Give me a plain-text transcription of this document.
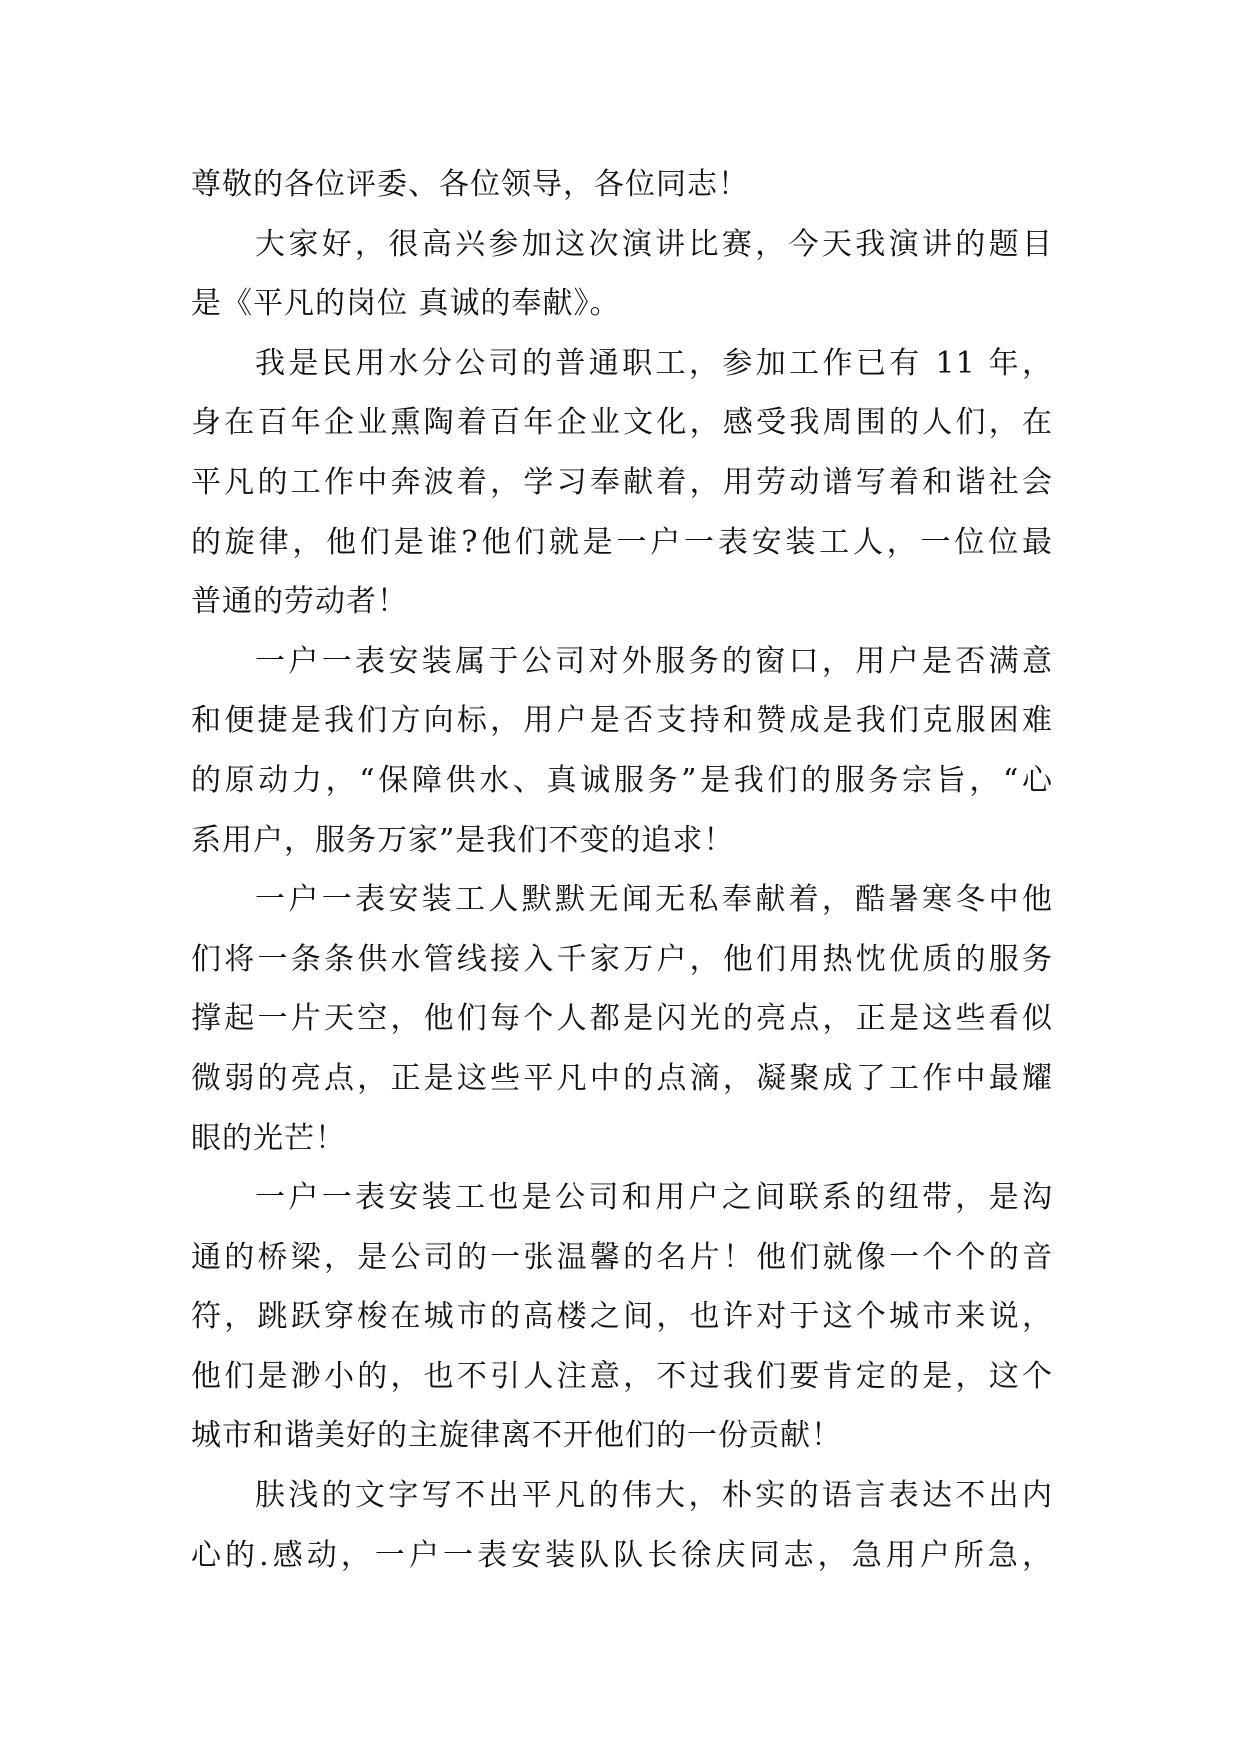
尊敬的各位评委、各位领导，各位同志！
大家好，很高兴参加这次演讲比赛，今天我演讲的题目
是《平凡的岗位 真诚的奉献》。
我是民用水分公司的普通职工，参加工作已有 11 年，
身在百年企业熏陶着百年企业文化，感受我周围的人们，在
平凡的工作中奔波着，学习奉献着，用劳动谱写着和谐社会
的旋律，他们是谁?他们就是一户一表安装工人，一位位最
普通的劳动者！
一户一表安装属于公司对外服务的窗口，用户是否满意
和便捷是我们方向标，用户是否支持和赞成是我们克服困难
的原动力，“保障供水、真诚服务”是我们的服务宗旨，“心
系用户，服务万家”是我们不变的追求！
一户一表安装工人默默无闻无私奉献着，酷暑寒冬中他
们将一条条供水管线接入千家万户，他们用热忱优质的服务
撑起一片天空，他们每个人都是闪光的亮点，正是这些看似
微弱的亮点，正是这些平凡中的点滴，凝聚成了工作中最耀
眼的光芒！
一户一表安装工也是公司和用户之间联系的纽带，是沟
通的桥梁，是公司的一张温馨的名片！他们就像一个个的音
符，跳跃穿梭在城市的高楼之间，也许对于这个城市来说，
他们是渺小的，也不引人注意，不过我们要肯定的是，这个
城市和谐美好的主旋律离不开他们的一份贡献！
肤浅的文字写不出平凡的伟大，朴实的语言表达不出内
心的.感动，一户一表安装队队长徐庆同志，急用户所急，
